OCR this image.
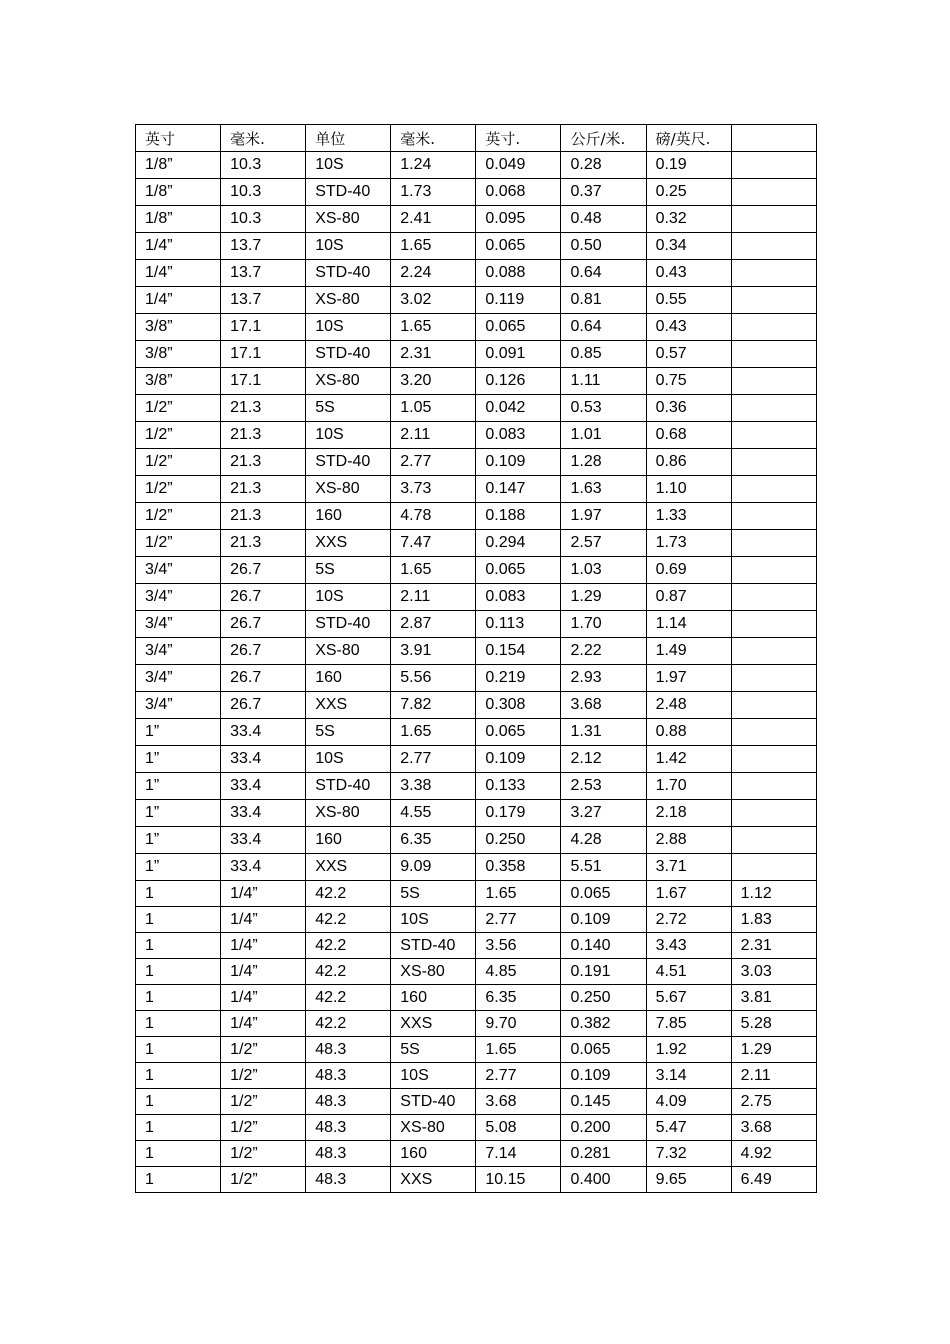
英寸	毫米.	单位	毫米.	英寸.	公斤/米.	磅/英尺.	
1/8”	10.3	10S	1.24	0.049	0.28	0.19	
1/8”	10.3	STD-40	1.73	0.068	0.37	0.25	
1/8”	10.3	XS-80	2.41	0.095	0.48	0.32	
1/4”	13.7	10S	1.65	0.065	0.50	0.34	
1/4”	13.7	STD-40	2.24	0.088	0.64	0.43	
1/4”	13.7	XS-80	3.02	0.119	0.81	0.55	
3/8”	17.1	10S	1.65	0.065	0.64	0.43	
3/8”	17.1	STD-40	2.31	0.091	0.85	0.57	
3/8”	17.1	XS-80	3.20	0.126	1.11	0.75	
1/2”	21.3	5S	1.05	0.042	0.53	0.36	
1/2”	21.3	10S	2.11	0.083	1.01	0.68	
1/2”	21.3	STD-40	2.77	0.109	1.28	0.86	
1/2”	21.3	XS-80	3.73	0.147	1.63	1.10	
1/2”	21.3	160	4.78	0.188	1.97	1.33	
1/2”	21.3	XXS	7.47	0.294	2.57	1.73	
3/4”	26.7	5S	1.65	0.065	1.03	0.69	
3/4”	26.7	10S	2.11	0.083	1.29	0.87	
3/4”	26.7	STD-40	2.87	0.113	1.70	1.14	
3/4”	26.7	XS-80	3.91	0.154	2.22	1.49	
3/4”	26.7	160	5.56	0.219	2.93	1.97	
3/4”	26.7	XXS	7.82	0.308	3.68	2.48	
1”	33.4	5S	1.65	0.065	1.31	0.88	
1”	33.4	10S	2.77	0.109	2.12	1.42	
1”	33.4	STD-40	3.38	0.133	2.53	1.70	
1”	33.4	XS-80	4.55	0.179	3.27	2.18	
1”	33.4	160	6.35	0.250	4.28	2.88	
1”	33.4	XXS	9.09	0.358	5.51	3.71	
1	1/4”	42.2	5S	1.65	0.065	1.67	1.12
1	1/4”	42.2	10S	2.77	0.109	2.72	1.83
1	1/4”	42.2	STD-40	3.56	0.140	3.43	2.31
1	1/4”	42.2	XS-80	4.85	0.191	4.51	3.03
1	1/4”	42.2	160	6.35	0.250	5.67	3.81
1	1/4”	42.2	XXS	9.70	0.382	7.85	5.28
1	1/2”	48.3	5S	1.65	0.065	1.92	1.29
1	1/2”	48.3	10S	2.77	0.109	3.14	2.11
1	1/2”	48.3	STD-40	3.68	0.145	4.09	2.75
1	1/2”	48.3	XS-80	5.08	0.200	5.47	3.68
1	1/2”	48.3	160	7.14	0.281	7.32	4.92
1	1/2”	48.3	XXS	10.15	0.400	9.65	6.49
